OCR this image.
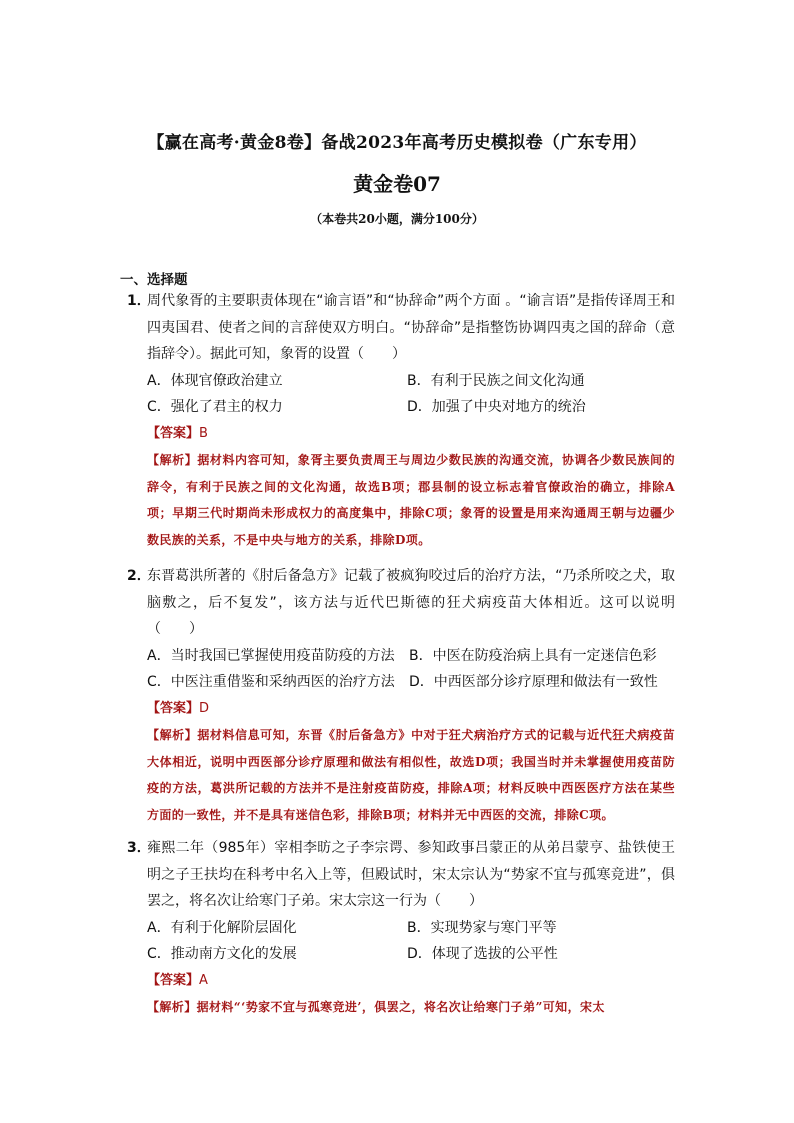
【赢在高考·黄金8卷】备战2023年高考历史模拟卷（广东专用）
黄金卷07
（本卷共20小题，满分100分）
一、选择题
1．
周代象胥的主要职责体现在“谕言语”和“协辞命”两个方面 。“谕言语”是指传译周王和四夷国君、使者之间的言辞使双方明白。“协辞命”是指整饬协调四夷之国的辞命（意指辞令）。据此可知，象胥的设置（　　）
A．体现官僚政治建立	B．有利于民族之间文化沟通
C．强化了君主的权力	D．加强了中央对地方的统治
【答案】B
【解析】据材料内容可知，象胥主要负责周王与周边少数民族的沟通交流，协调各少数民族间的辞令，有利于民族之间的文化沟通，故选B项；郡县制的设立标志着官僚政治的确立，排除A项；早期三代时期尚未形成权力的高度集中，排除C项；象胥的设置是用来沟通周王朝与边疆少数民族的关系，不是中央与地方的关系，排除D项。
2．
东晋葛洪所著的《肘后备急方》记载了被疯狗咬过后的治疗方法，“乃杀所咬之犬，取脑敷之，后不复发”，该方法与近代巴斯德的狂犬病疫苗大体相近。这可以说明（　　）
A．当时我国已掌握使用疫苗防疫的方法	B．中医在防疫治病上具有一定迷信色彩
C．中医注重借鉴和采纳西医的治疗方法	D．中西医部分诊疗原理和做法有一致性
【答案】D
【解析】据材料信息可知，东晋《肘后备急方》中对于狂犬病治疗方式的记载与近代狂犬病疫苗大体相近，说明中西医部分诊疗原理和做法有相似性，故选D项；我国当时并未掌握使用疫苗防疫的方法，葛洪所记载的方法并不是注射疫苗防疫，排除A项；材料反映中西医医疗方法在某些方面的一致性，并不是具有迷信色彩，排除B项；材料并无中西医的交流，排除C项。
3．
雍熙二年（985年）宰相李昉之子李宗谔、参知政事吕蒙正的从弟吕蒙亨、盐铁使王明之子王扶均在科考中名入上等，但殿试时，宋太宗认为“势家不宜与孤寒竞进”，俱罢之，将名次让给寒门子弟。宋太宗这一行为（　　）
A．有利于化解阶层固化	B．实现势家与寒门平等
C．推动南方文化的发展	D．体现了选拔的公平性
【答案】A
【解析】据材料“‘势家不宜与孤寒竞进’，俱罢之，将名次让给寒门子弟”可知，宋太
